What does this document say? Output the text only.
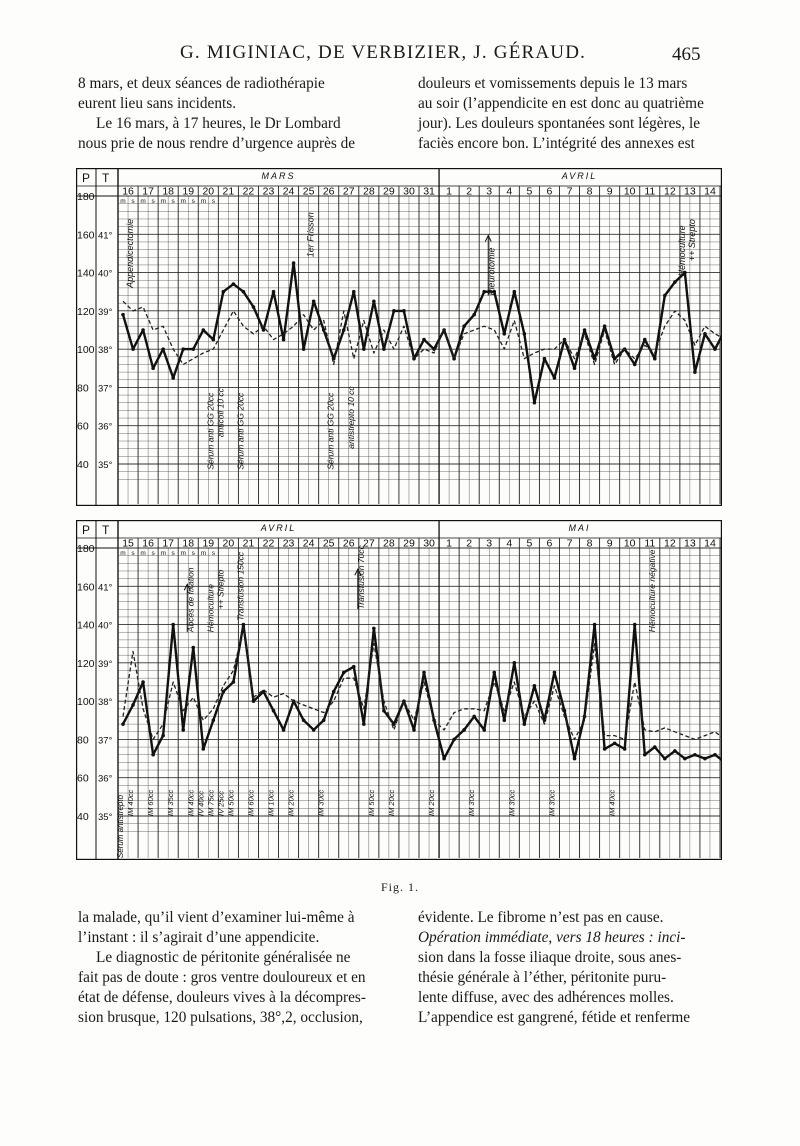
G. MIGINIAC, DE VERBIZIER, J. GÉRAUD.	465

8 mars, et deux séances de radiothérapie

eurent lieu sans incidents.

Le 16 mars, à 17 heures, le Dr Lombard

nous prie de nous rendre d’urgence auprès de

douleurs et vomissements depuis le 13 mars

au soir (l’appendicite en est donc au quatrième

jour). Les douleurs spontanées sont légères, le

faciès encore bon. L’intégrité des annexes est

P T	MARS	AVRIL
16 17 18 19 20 21 22 23 24 25 26 27 28 29 30 31 1 2 3 4 5 6 7 8 9 10 11 12 13 14
m s m s m s m s m s
180
160
140
120
100
80
60
40
41°
40°
39°
38°
37°
36°
35°
Appendicectomie	1er Frisson
Pleurotomie	Hémoculture ++ Strepto
Sérum anti GG 20cc anticoli 10 cc Sérum anti GG 20cc	Sérum anti GG 20cc antistrepto 10 cc
P T	AVRIL	MAI
15 16 17 18 19 20 21 22 23 24 25 26 27 28 29 30 1 2 3 4 5 6 7 8 9 10 11 12 13 14
m s m s m s m s m s
180
160
140
120
100
80
60
40
41°
40°
39°
38°
37°
36°
35°
Abcès de fixation Hémoculture ++ Strepto Transfusion 150cc	Transfusion 70cc	Hémoculture négative
Sérum antistrepto IM 40cc IM 60cc IM 35cc IM 40cc IV 40cc IM 75cc IV 25cc IM 50cc IM 60cc IM 10cc IM 20cc	IM 30cc	IM 50cc IM 20cc	IM 20cc	IM 30cc	IM 30cc	IM 30cc	IM 40cc
Fig. 1.

la malade, qu’il vient d’examiner lui-même à

l’instant : il s’agirait d’une appendicite.

Le diagnostic de péritonite généralisée ne

fait pas de doute : gros ventre douloureux et en

état de défense, douleurs vives à la décompres-

sion brusque, 120 pulsations, 38°,2, occlusion,

évidente. Le fibrome n’est pas en cause.

Opération immédiate, vers 18 heures : inci-

sion dans la fosse iliaque droite, sous anes-

thésie générale à l’éther, péritonite puru-

lente diffuse, avec des adhérences molles.

L’appendice est gangrené, fétide et renferme
